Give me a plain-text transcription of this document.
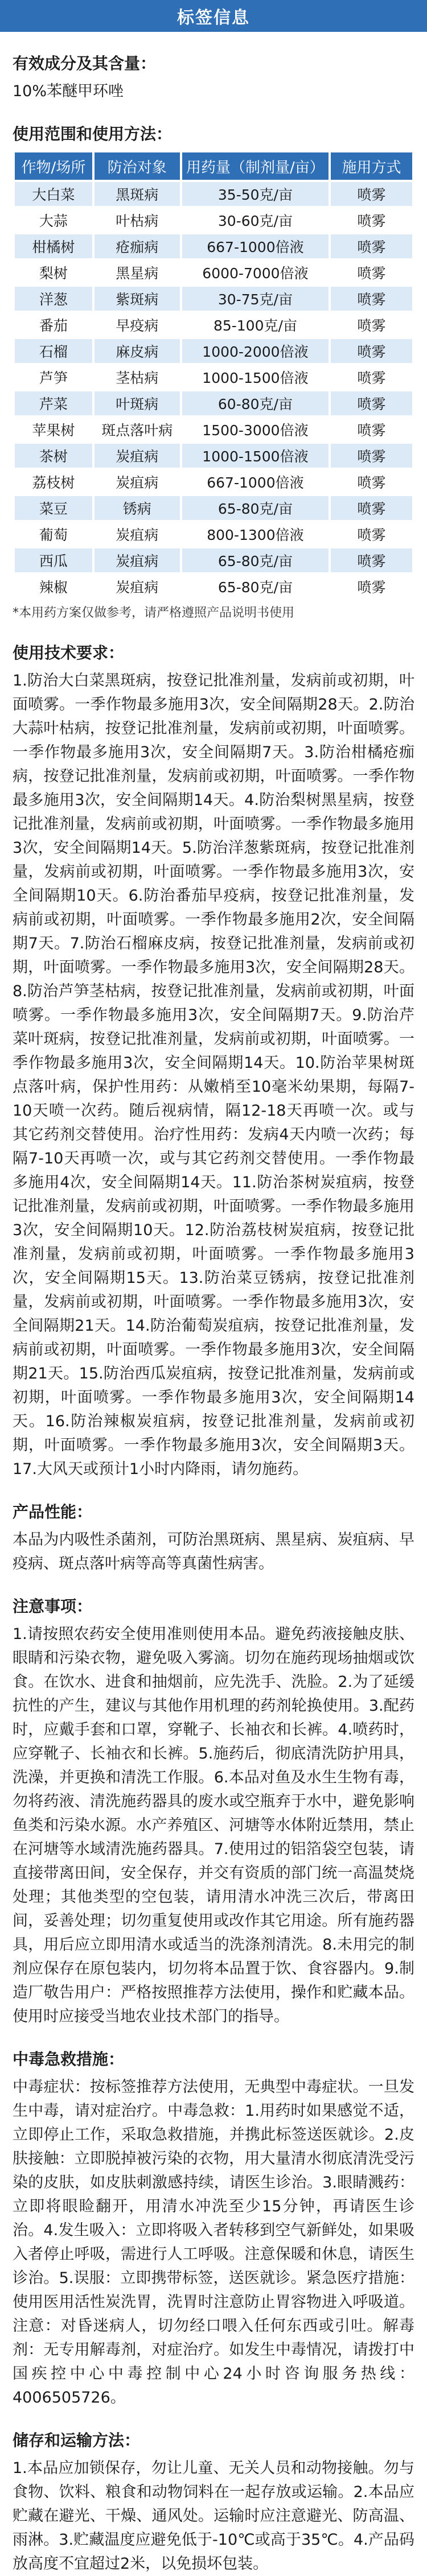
标签信息
有效成分及其含量：
10%苯醚甲环唑
使用范围和使用方法：
作物/场所	防治对象	用药量（制剂量/亩）	施用方式
大白菜	黑斑病	35-50克/亩	喷雾
大蒜	叶枯病	30-60克/亩	喷雾
柑橘树	疮痂病	667-1000倍液	喷雾
梨树	黑星病	6000-7000倍液	喷雾
洋葱	紫斑病	30-75克/亩	喷雾
番茄	早疫病	85-100克/亩	喷雾
石榴	麻皮病	1000-2000倍液	喷雾
芦笋	茎枯病	1000-1500倍液	喷雾
芹菜	叶斑病	60-80克/亩	喷雾
苹果树	斑点落叶病	1500-3000倍液	喷雾
茶树	炭疽病	1000-1500倍液	喷雾
荔枝树	炭疽病	667-1000倍液	喷雾
菜豆	锈病	65-80克/亩	喷雾
葡萄	炭疽病	800-1300倍液	喷雾
西瓜	炭疽病	65-80克/亩	喷雾
辣椒	炭疽病	65-80克/亩	喷雾
*本用药方案仅做参考，请严格遵照产品说明书使用
使用技术要求：
1.防治大白菜黑斑病，按登记批准剂量，发病前或初期，叶面喷雾。一季作物最多施用3次，安全间隔期28天。2.防治大蒜叶枯病，按登记批准剂量，发病前或初期，叶面喷雾。一季作物最多施用3次，安全间隔期7天。3.防治柑橘疮痂病，按登记批准剂量，发病前或初期，叶面喷雾。一季作物最多施用3次，安全间隔期14天。4.防治梨树黑星病，按登记批准剂量，发病前或初期，叶面喷雾。一季作物最多施用3次，安全间隔期14天。5.防治洋葱紫斑病，按登记批准剂量，发病前或初期，叶面喷雾。一季作物最多施用3次，安全间隔期10天。6.防治番茄早疫病，按登记批准剂量，发病前或初期，叶面喷雾。一季作物最多施用2次，安全间隔期7天。7.防治石榴麻皮病，按登记批准剂量，发病前或初期，叶面喷雾。一季作物最多施用3次，安全间隔期28天。8.防治芦笋茎枯病，按登记批准剂量，发病前或初期，叶面喷雾。一季作物最多施用3次，安全间隔期7天。9.防治芹菜叶斑病，按登记批准剂量，发病前或初期，叶面喷雾。一季作物最多施用3次，安全间隔期14天。10.防治苹果树斑点落叶病，保护性用药：从嫩梢至10毫米幼果期，每隔7-10天喷一次药。随后视病情，隔12-18天再喷一次。或与其它药剂交替使用。治疗性用药：发病4天内喷一次药；每隔7-10天再喷一次，或与其它药剂交替使用。一季作物最多施用4次，安全间隔期14天。11.防治茶树炭疽病，按登记批准剂量，发病前或初期，叶面喷雾。一季作物最多施用3次，安全间隔期10天。12.防治荔枝树炭疽病，按登记批准剂量，发病前或初期，叶面喷雾。一季作物最多施用3次，安全间隔期15天。13.防治菜豆锈病，按登记批准剂量，发病前或初期，叶面喷雾。一季作物最多施用3次，安全间隔期21天。14.防治葡萄炭疽病，按登记批准剂量，发病前或初期，叶面喷雾。一季作物最多施用3次，安全间隔期21天。15.防治西瓜炭疽病，按登记批准剂量，发病前或初期，叶面喷雾。一季作物最多施用3次，安全间隔期14天。16.防治辣椒炭疽病，按登记批准剂量，发病前或初期，叶面喷雾。一季作物最多施用3次，安全间隔期3天。17.大风天或预计1小时内降雨，请勿施药。
产品性能：
本品为内吸性杀菌剂，可防治黑斑病、黑星病、炭疽病、早疫病、斑点落叶病等高等真菌性病害。
注意事项：
1.请按照农药安全使用准则使用本品。避免药液接触皮肤、眼睛和污染衣物，避免吸入雾滴。切勿在施药现场抽烟或饮食。在饮水、进食和抽烟前，应先洗手、洗脸。2.为了延缓抗性的产生，建议与其他作用机理的药剂轮换使用。3.配药时，应戴手套和口罩，穿靴子、长袖衣和长裤。4.喷药时，应穿靴子、长袖衣和长裤。5.施药后，彻底清洗防护用具，洗澡，并更换和清洗工作服。6.本品对鱼及水生生物有毒，勿将药液、清洗施药器具的废水或空瓶弃于水中，避免影响鱼类和污染水源。水产养殖区、河塘等水体附近禁用，禁止在河塘等水域清洗施药器具。7.使用过的铝箔袋空包装，请直接带离田间，安全保存，并交有资质的部门统一高温焚烧处理；其他类型的空包装，请用清水冲洗三次后，带离田间，妥善处理；切勿重复使用或改作其它用途。所有施药器具，用后应立即用清水或适当的洗涤剂清洗。8.未用完的制剂应保存在原包装内，切勿将本品置于饮、食容器内。9.制造厂敬告用户：严格按照推荐方法使用，操作和贮藏本品。使用时应接受当地农业技术部门的指导。
中毒急救措施：
中毒症状：按标签推荐方法使用，无典型中毒症状。一旦发生中毒，请对症治疗。中毒急救：1.用药时如果感觉不适，立即停止工作，采取急救措施，并携此标签送医就诊。2.皮肤接触：立即脱掉被污染的衣物，用大量清水彻底清洗受污染的皮肤，如皮肤刺激感持续，请医生诊治。3.眼睛溅药：立即将眼睑翻开，用清水冲洗至少15分钟，再请医生诊治。4.发生吸入：立即将吸入者转移到空气新鲜处，如果吸入者停止呼吸，需进行人工呼吸。注意保暖和休息，请医生诊治。5.误服：立即携带标签，送医就诊。紧急医疗措施：使用医用活性炭洗胃，洗胃时注意防止胃容物进入呼吸道。注意：对昏迷病人，切勿经口喂入任何东西或引吐。解毒剂：无专用解毒剂，对症治疗。如发生中毒情况，请拨打中国疾控中心中毒控制中心24小时咨询服务热线：4006505726。
储存和运输方法：
1.本品应加锁保存，勿让儿童、无关人员和动物接触。勿与食物、饮料、粮食和动物饲料在一起存放或运输。2.本品应贮藏在避光、干燥、通风处。运输时应注意避光、防高温、雨淋。3.贮藏温度应避免低于-10℃或高于35℃。4.产品码放高度不宜超过2米，以免损坏包装。
